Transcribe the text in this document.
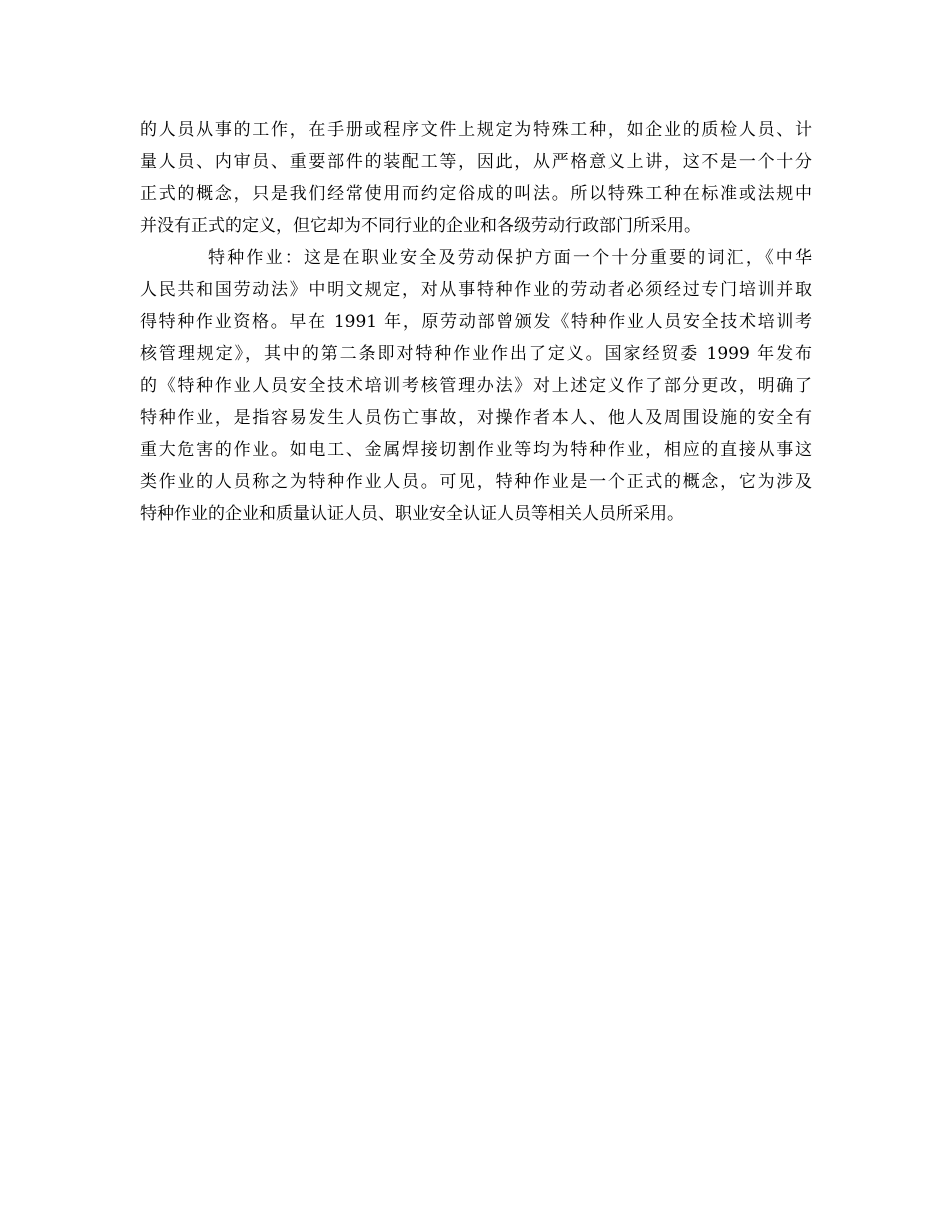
的人员从事的工作，在手册或程序文件上规定为特殊工种，如企业的质检人员、计
量人员、内审员、重要部件的装配工等，因此，从严格意义上讲，这不是一个十分
正式的概念，只是我们经常使用而约定俗成的叫法。所以特殊工种在标准或法规中
并没有正式的定义，但它却为不同行业的企业和各级劳动行政部门所采用。
特种作业：这是在职业安全及劳动保护方面一个十分重要的词汇，《中华
人民共和国劳动法》中明文规定，对从事特种作业的劳动者必须经过专门培训并取
得特种作业资格。早在 1991 年，原劳动部曾颁发《特种作业人员安全技术培训考
核管理规定》，其中的第二条即对特种作业作出了定义。国家经贸委 1999 年发布
的《特种作业人员安全技术培训考核管理办法》对上述定义作了部分更改，明确了
特种作业，是指容易发生人员伤亡事故，对操作者本人、他人及周围设施的安全有
重大危害的作业。如电工、金属焊接切割作业等均为特种作业，相应的直接从事这
类作业的人员称之为特种作业人员。可见，特种作业是一个正式的概念，它为涉及
特种作业的企业和质量认证人员、职业安全认证人员等相关人员所采用。
